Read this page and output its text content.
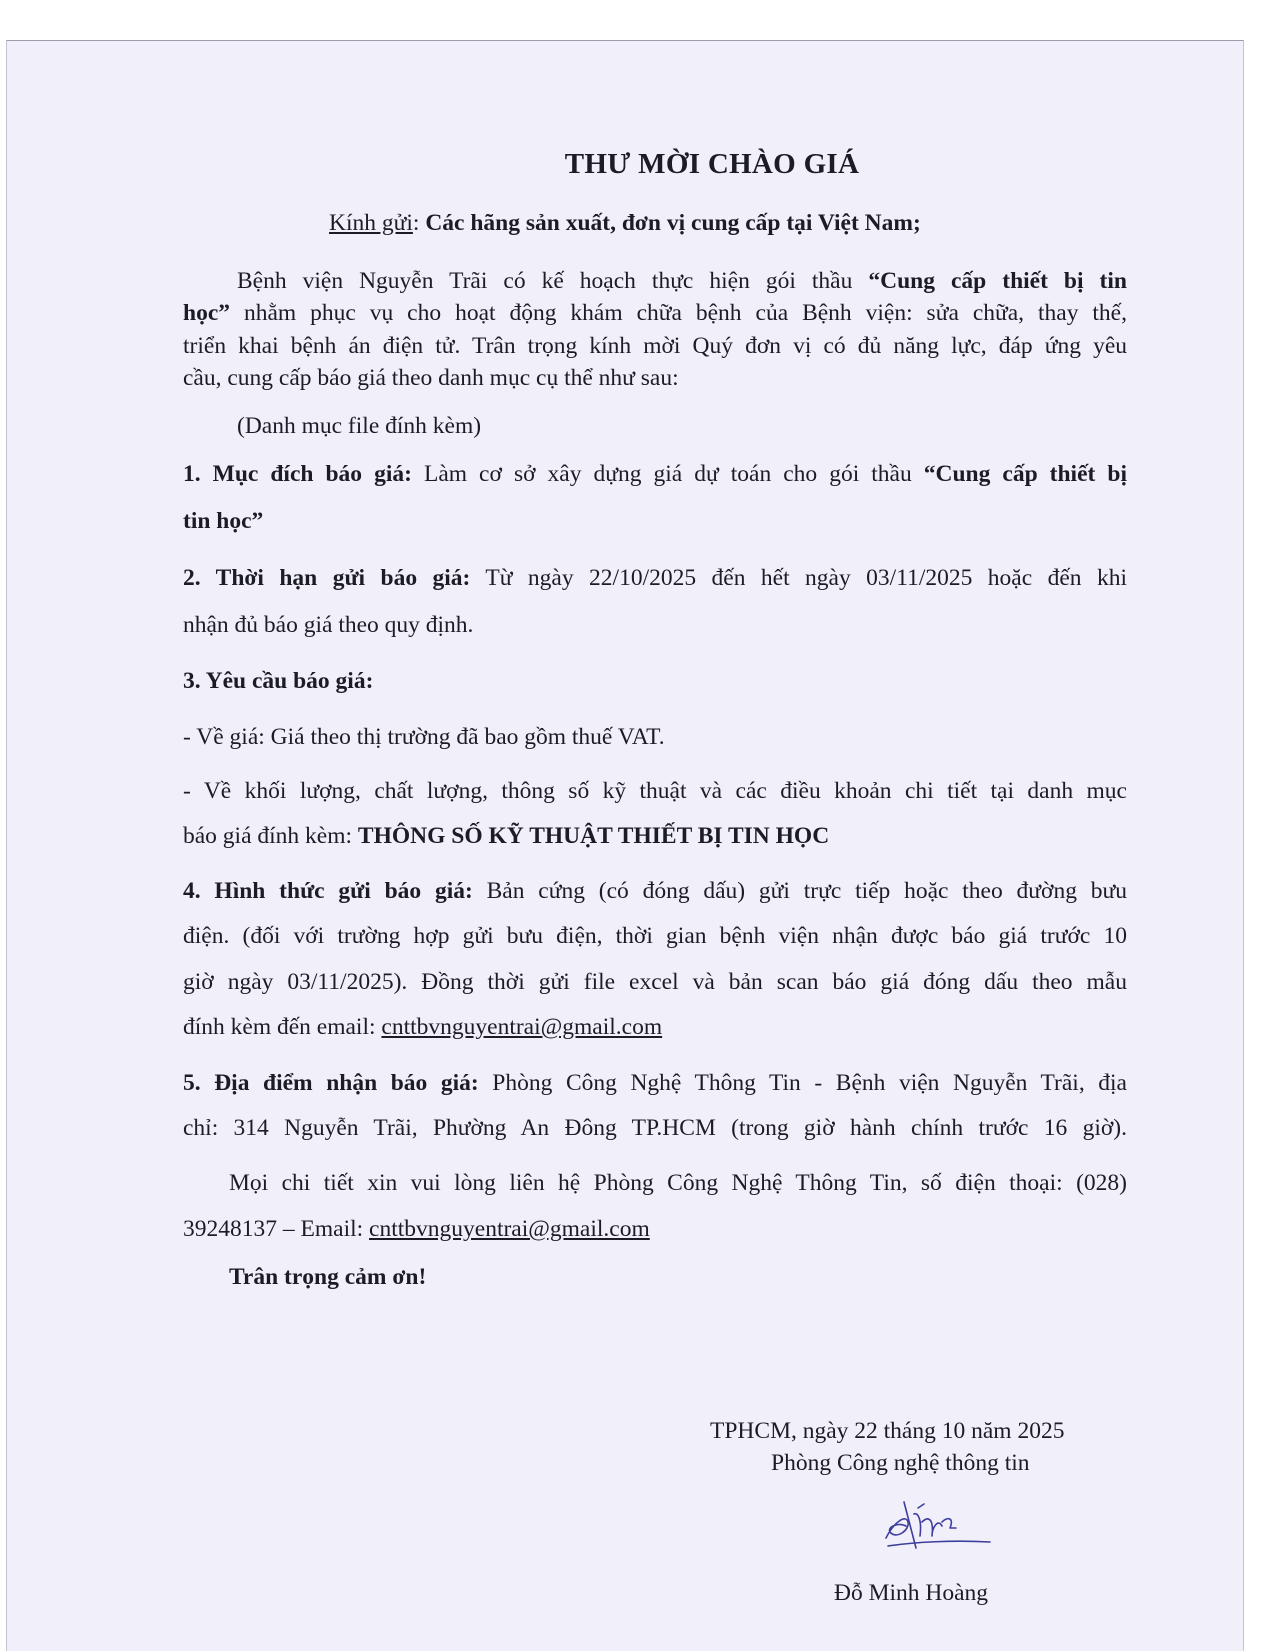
THƯ MỜI CHÀO GIÁ
Kính gửi: Các hãng sản xuất, đơn vị cung cấp tại Việt Nam;
Bệnh viện Nguyễn Trãi có kế hoạch thực hiện gói thầu “Cung cấp thiết bị tin
học” nhằm phục vụ cho hoạt động khám chữa bệnh của Bệnh viện: sửa chữa, thay thế,
triển khai bệnh án điện tử. Trân trọng kính mời Quý đơn vị có đủ năng lực, đáp ứng yêu
cầu, cung cấp báo giá theo danh mục cụ thể như sau:
(Danh mục file đính kèm)
1. Mục đích báo giá: Làm cơ sở xây dựng giá dự toán cho gói thầu “Cung cấp thiết bị
tin học”
2. Thời hạn gửi báo giá: Từ ngày 22/10/2025 đến hết ngày 03/11/2025 hoặc đến khi
nhận đủ báo giá theo quy định.
3. Yêu cầu báo giá:
- Về giá: Giá theo thị trường đã bao gồm thuế VAT.
- Về khối lượng, chất lượng, thông số kỹ thuật và các điều khoản chi tiết tại danh mục
báo giá đính kèm: THÔNG SỐ KỸ THUẬT THIẾT BỊ TIN HỌC
4. Hình thức gửi báo giá: Bản cứng (có đóng dấu) gửi trực tiếp hoặc theo đường bưu
điện. (đối với trường hợp gửi bưu điện, thời gian bệnh viện nhận được báo giá trước 10
giờ ngày 03/11/2025). Đồng thời gửi file excel và bản scan báo giá đóng dấu theo mẫu
đính kèm đến email: cnttbvnguyentrai@gmail.com
5. Địa điểm nhận báo giá: Phòng Công Nghệ Thông Tin - Bệnh viện Nguyễn Trãi, địa
chỉ: 314 Nguyễn Trãi, Phường An Đông TP.HCM (trong giờ hành chính trước 16 giờ).
Mọi chi tiết xin vui lòng liên hệ Phòng Công Nghệ Thông Tin, số điện thoại: (028)
39248137 – Email: cnttbvnguyentrai@gmail.com
Trân trọng cảm ơn!
TPHCM, ngày 22 tháng 10 năm 2025
Phòng Công nghệ thông tin
Đỗ Minh Hoàng
